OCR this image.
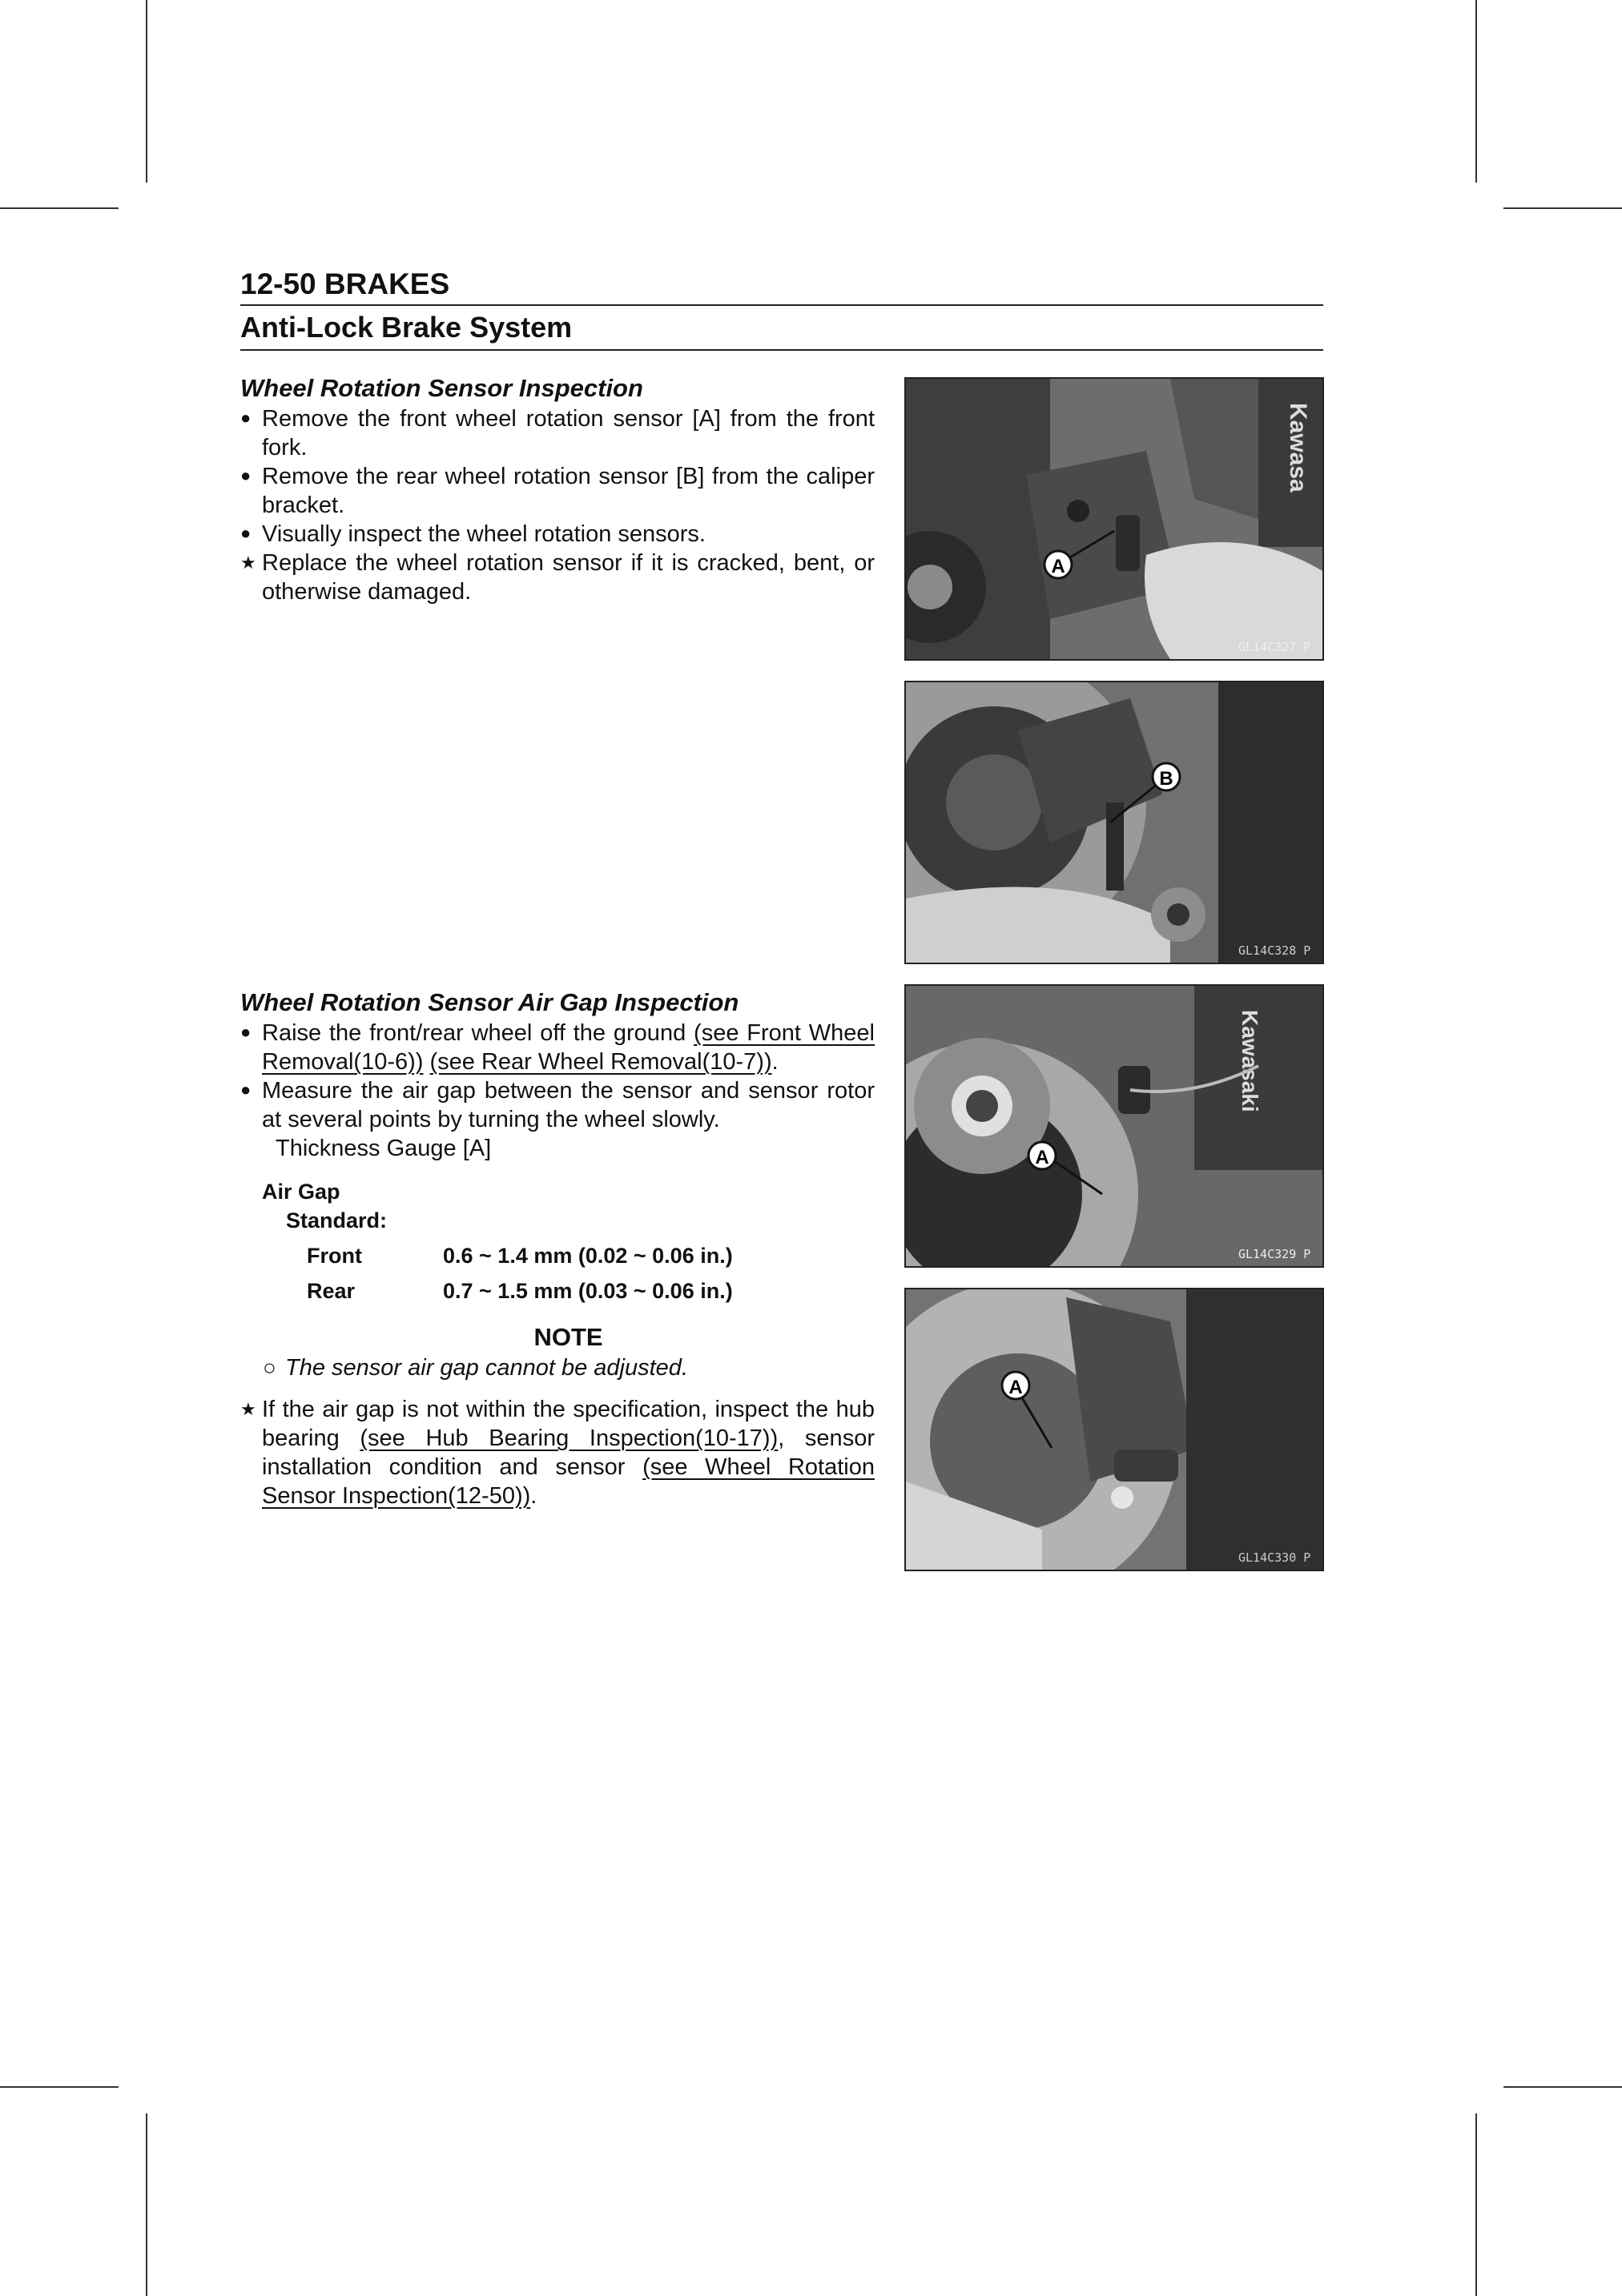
12-50 BRAKES
Anti-Lock Brake System
Wheel Rotation Sensor Inspection
● Remove the front wheel rotation sensor [A] from the front fork.
● Remove the rear wheel rotation sensor [B] from the caliper bracket.
● Visually inspect the wheel rotation sensors.
★ Replace the wheel rotation sensor if it is cracked, bent, or otherwise damaged.
Wheel Rotation Sensor Air Gap Inspection
● Raise the front/rear wheel off the ground (see Front Wheel Removal(10-6)) (see Rear Wheel Removal(10-7)).
● Measure the air gap between the sensor and sensor rotor at several points by turning the wheel slowly.
Thickness Gauge [A]
Air Gap
Standard:
Front	0.6 ~ 1.4 mm (0.02 ~ 0.06 in.)
Rear	0.7 ~ 1.5 mm (0.03 ~ 0.06 in.)
NOTE
○ The sensor air gap cannot be adjusted.
★ If the air gap is not within the specification, inspect the hub bearing (see Hub Bearing Inspection(10-17)), sensor installation condition and sensor (see Wheel Rotation Sensor Inspection(12-50)).
Kawasa
A
GL14C327 P
B
GL14C328 P
Kawasaki
A
GL14C329 P
A
GL14C330 P
